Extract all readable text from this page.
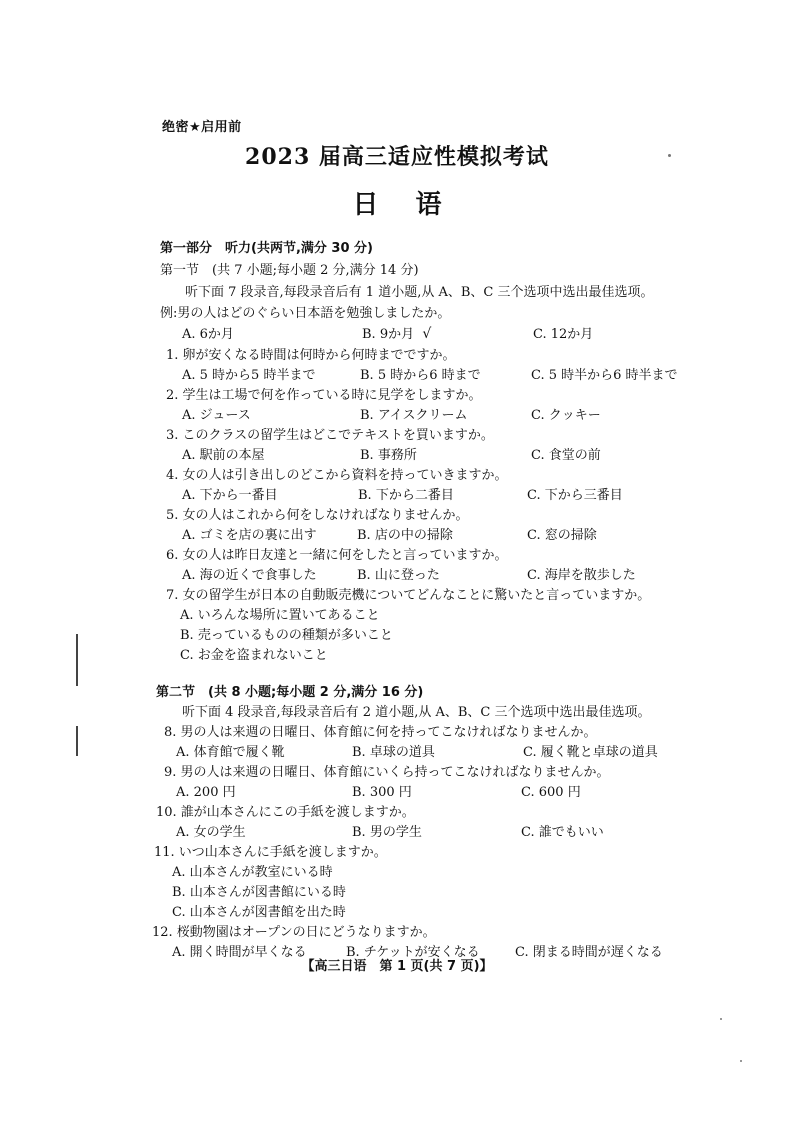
绝密★启用前
2023 届高三适应性模拟考试
日 语
第一部分　听力(共两节,满分 30 分)
第一节　(共 7 小题;每小题 2 分,满分 14 分)
听下面 7 段录音,每段录音后有 1 道小题,从 A、B、C 三个选项中选出最佳选项。
例:男の人はどのぐらい日本語を勉強しましたか。
A. 6か月	B. 9か月 √	C. 12か月
1. 卵が安くなる時間は何時から何時までですか。
A. 5 時から5 時半まで	B. 5 時から6 時まで	C. 5 時半から6 時半まで
2. 学生は工場で何を作っている時に見学をしますか。
A. ジュース	B. アイスクリーム	C. クッキー
3. このクラスの留学生はどこでテキストを買いますか。
A. 駅前の本屋	B. 事務所	C. 食堂の前
4. 女の人は引き出しのどこから資料を持っていきますか。
A. 下から一番目	B. 下から二番目	C. 下から三番目
5. 女の人はこれから何をしなければなりませんか。
A. ゴミを店の裏に出す	B. 店の中の掃除	C. 窓の掃除
6. 女の人は昨日友達と一緒に何をしたと言っていますか。
A. 海の近くで食事した	B. 山に登った	C. 海岸を散歩した
7. 女の留学生が日本の自動販売機についてどんなことに驚いたと言っていますか。
A. いろんな場所に置いてあること
B. 売っているものの種類が多いこと
C. お金を盗まれないこと
第二节　(共 8 小题;每小题 2 分,满分 16 分)
听下面 4 段录音,每段录音后有 2 道小题,从 A、B、C 三个选项中选出最佳选项。
8. 男の人は来週の日曜日、体育館に何を持ってこなければなりませんか。
A. 体育館で履く靴	B. 卓球の道具	C. 履く靴と卓球の道具
9. 男の人は来週の日曜日、体育館にいくら持ってこなければなりませんか。
A. 200 円	B. 300 円	C. 600 円
10. 誰が山本さんにこの手紙を渡しますか。
A. 女の学生	B. 男の学生	C. 誰でもいい
11. いつ山本さんに手紙を渡しますか。
A. 山本さんが教室にいる時
B. 山本さんが図書館にいる時
C. 山本さんが図書館を出た時
12. 桜動物園はオープンの日にどうなりますか。
A. 開く時間が早くなる	B. チケットが安くなる	C. 閉まる時間が遅くなる
【高三日语　第 1 页(共 7 页)】
